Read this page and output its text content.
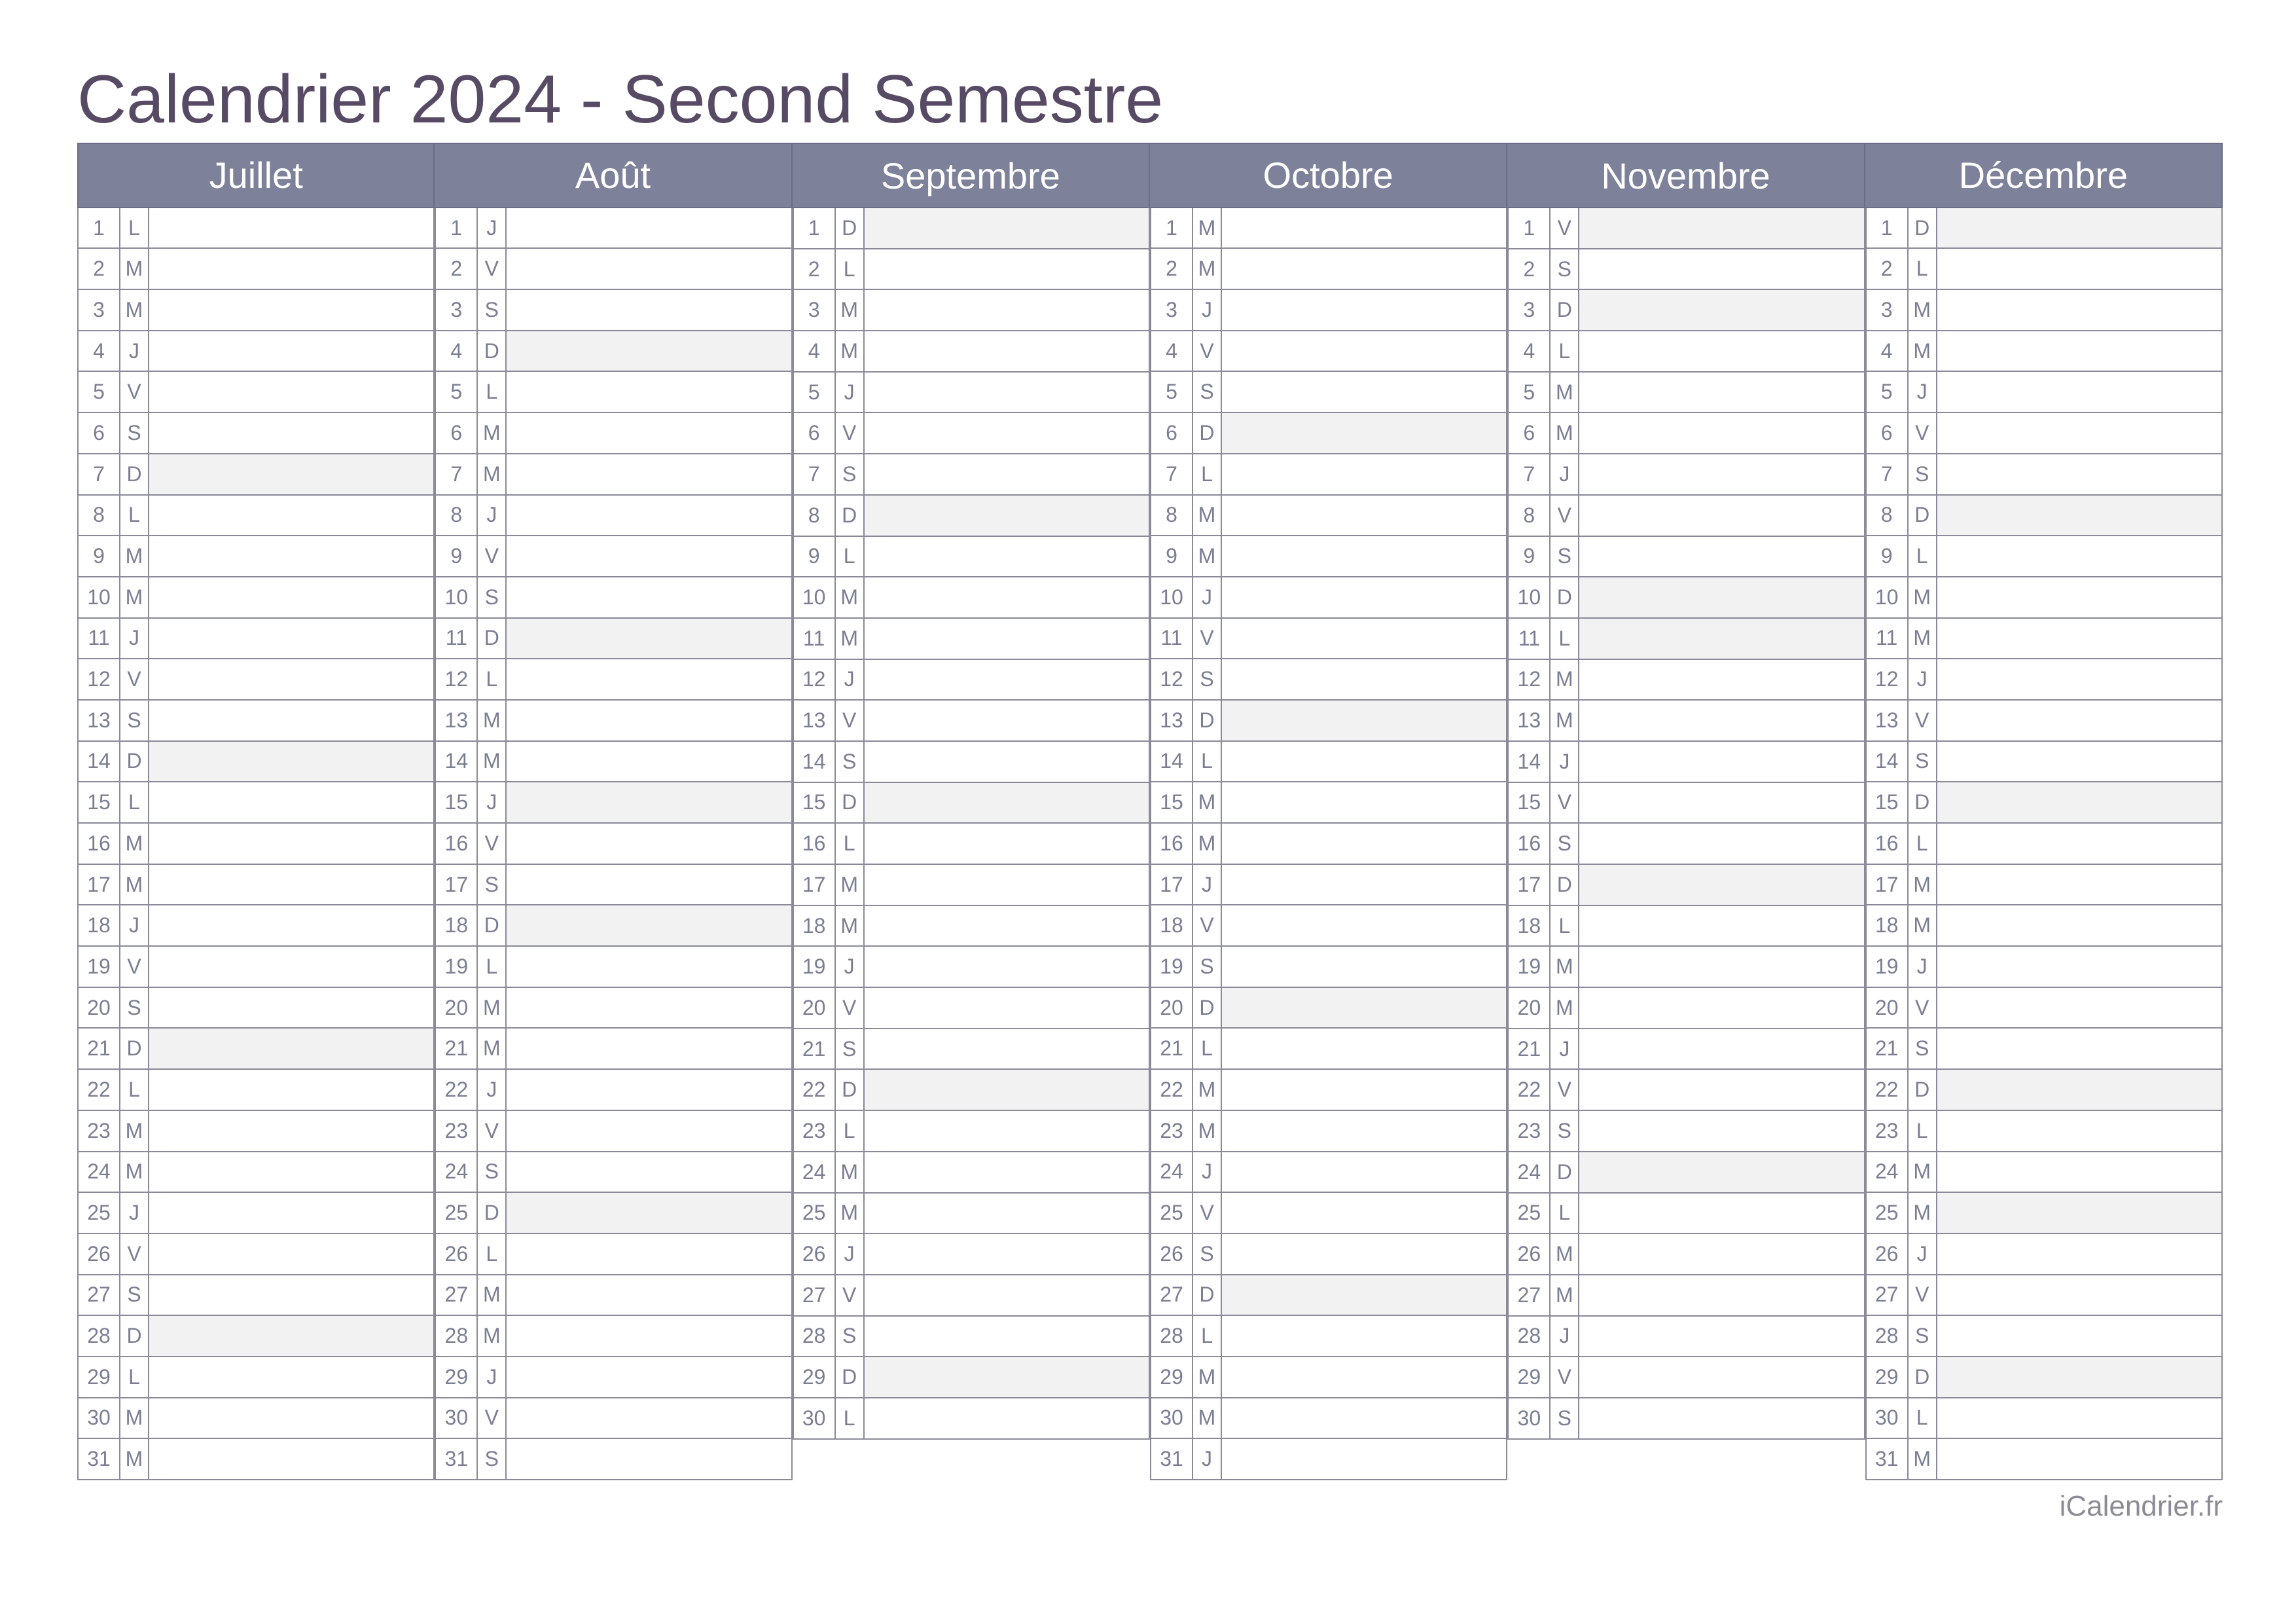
Calendrier 2024 - Second Semestre
Juillet
1	L
2 M
3 M
4	J
5	V
6	S
7	D
8	L
9 M
10 M
11 J
12 V
13 S
14 D
15 L
16 M
17 M
18 J
19 V
20 S
21 D
22 L
23 M
24 M
25 J
26 V
27 S
28 D
29 L
30 M
31 M
Août
1	J
2	V
3	S
4	D
5	L
6 M
7 M
8	J
9	V
10 S
11 D
12 L
13 M
14 M
15 J
16 V
17 S
18 D
19 L
20 M
21 M
22 J
23 V
24 S
25 D
26 L
27 M
28 M
29 J
30 V
31 S
Septembre
1	D
2	L
3 M
4 M
5	J
6	V
7	S
8	D
9	L
10 M
11 M
12 J
13 V
14 S
15 D
16 L
17 M
18 M
19 J
20 V
21 S
22 D
23 L
24 M
25 M
26 J
27 V
28 S
29 D
30 L
Octobre
1 M
2 M
3	J
4	V
5	S
6	D
7	L
8 M
9 M
10 J
11 V
12 S
13 D
14 L
15 M
16 M
17 J
18 V
19 S
20 D
21 L
22 M
23 M
24 J
25 V
26 S
27 D
28 L
29 M
30 M
31 J
Novembre
1	V
2	S
3	D
4	L
5 M
6 M
7	J
8	V
9	S
10 D
11 L
12 M
13 M
14 J
15 V
16 S
17 D
18 L
19 M
20 M
21 J
22 V
23 S
24 D
25 L
26 M
27 M
28 J
29 V
30 S
Décembre
1	D
2	L
3 M
4 M
5	J
6	V
7	S
8	D
9	L
10 M
11 M
12 J
13 V
14 S
15 D
16 L
17 M
18 M
19 J
20 V
21 S
22 D
23 L
24 M
25 M
26 J
27 V
28 S
29 D
30 L
31 M
iCalendrier.fr
